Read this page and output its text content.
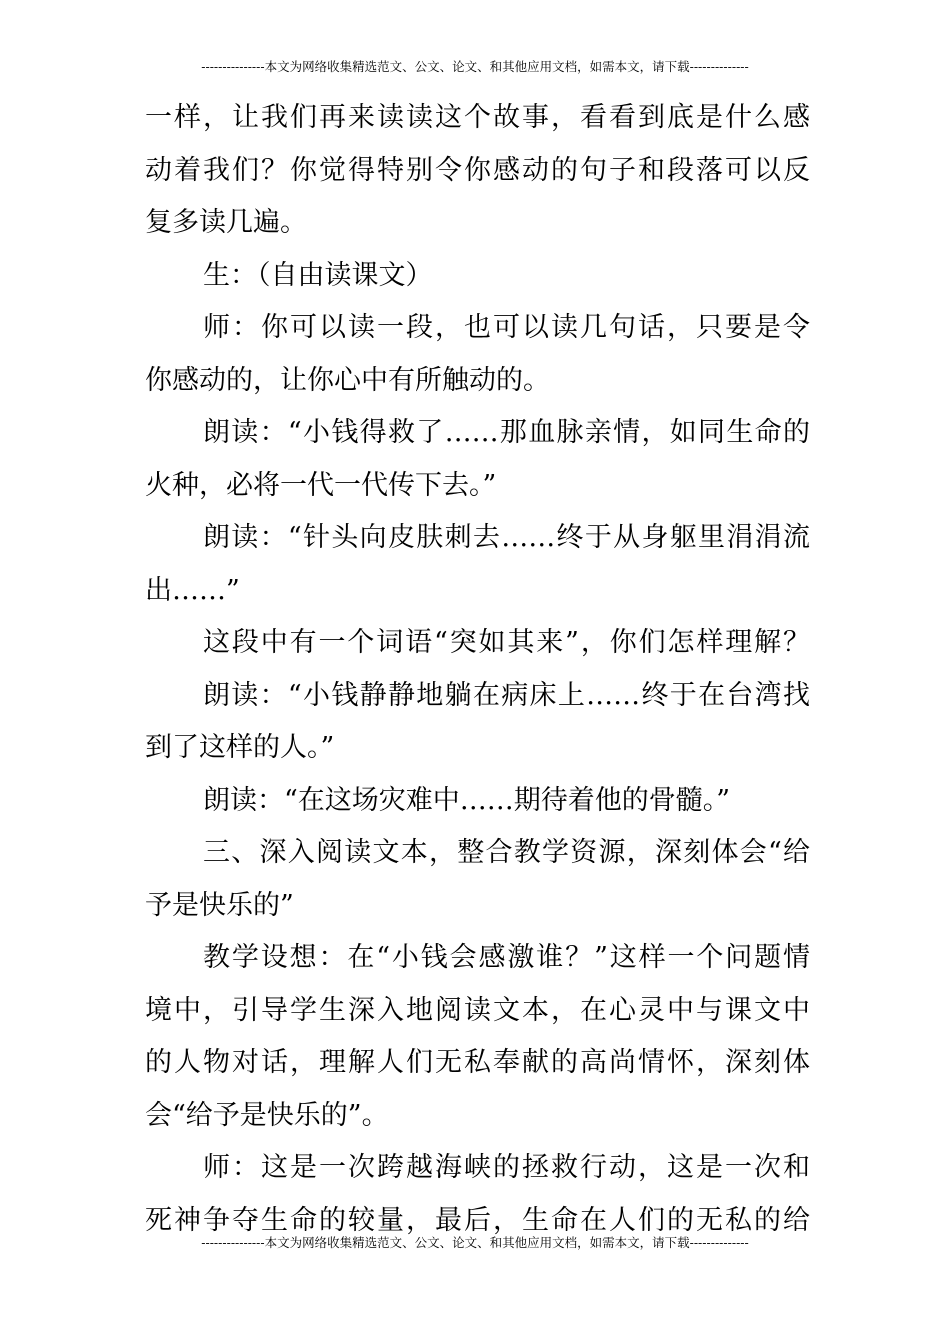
---------------本文为网络收集精选范文、公文、论文、和其他应用文档，如需本文，请下载--------------
一样，让我们再来读读这个故事，看看到底是什么感
动着我们？你觉得特别令你感动的句子和段落可以反
复多读几遍。
生：（自由读课文）
师：你可以读一段，也可以读几句话，只要是令
你感动的，让你心中有所触动的。
朗读：“小钱得救了……那血脉亲情，如同生命的
火种，必将一代一代传下去。”
朗读：“针头向皮肤刺去……终于从身躯里涓涓流
出……”
这段中有一个词语“突如其来”，你们怎样理解？
朗读：“小钱静静地躺在病床上……终于在台湾找
到了这样的人。”
朗读：“在这场灾难中……期待着他的骨髓。”
三、深入阅读文本，整合教学资源，深刻体会“给
予是快乐的”
教学设想：在“小钱会感激谁？”这样一个问题情
境中，引导学生深入地阅读文本，在心灵中与课文中
的人物对话，理解人们无私奉献的高尚情怀，深刻体
会“给予是快乐的”。
师：这是一次跨越海峡的拯救行动，这是一次和
死神争夺生命的较量，最后，生命在人们的无私的给
---------------本文为网络收集精选范文、公文、论文、和其他应用文档，如需本文，请下载--------------
